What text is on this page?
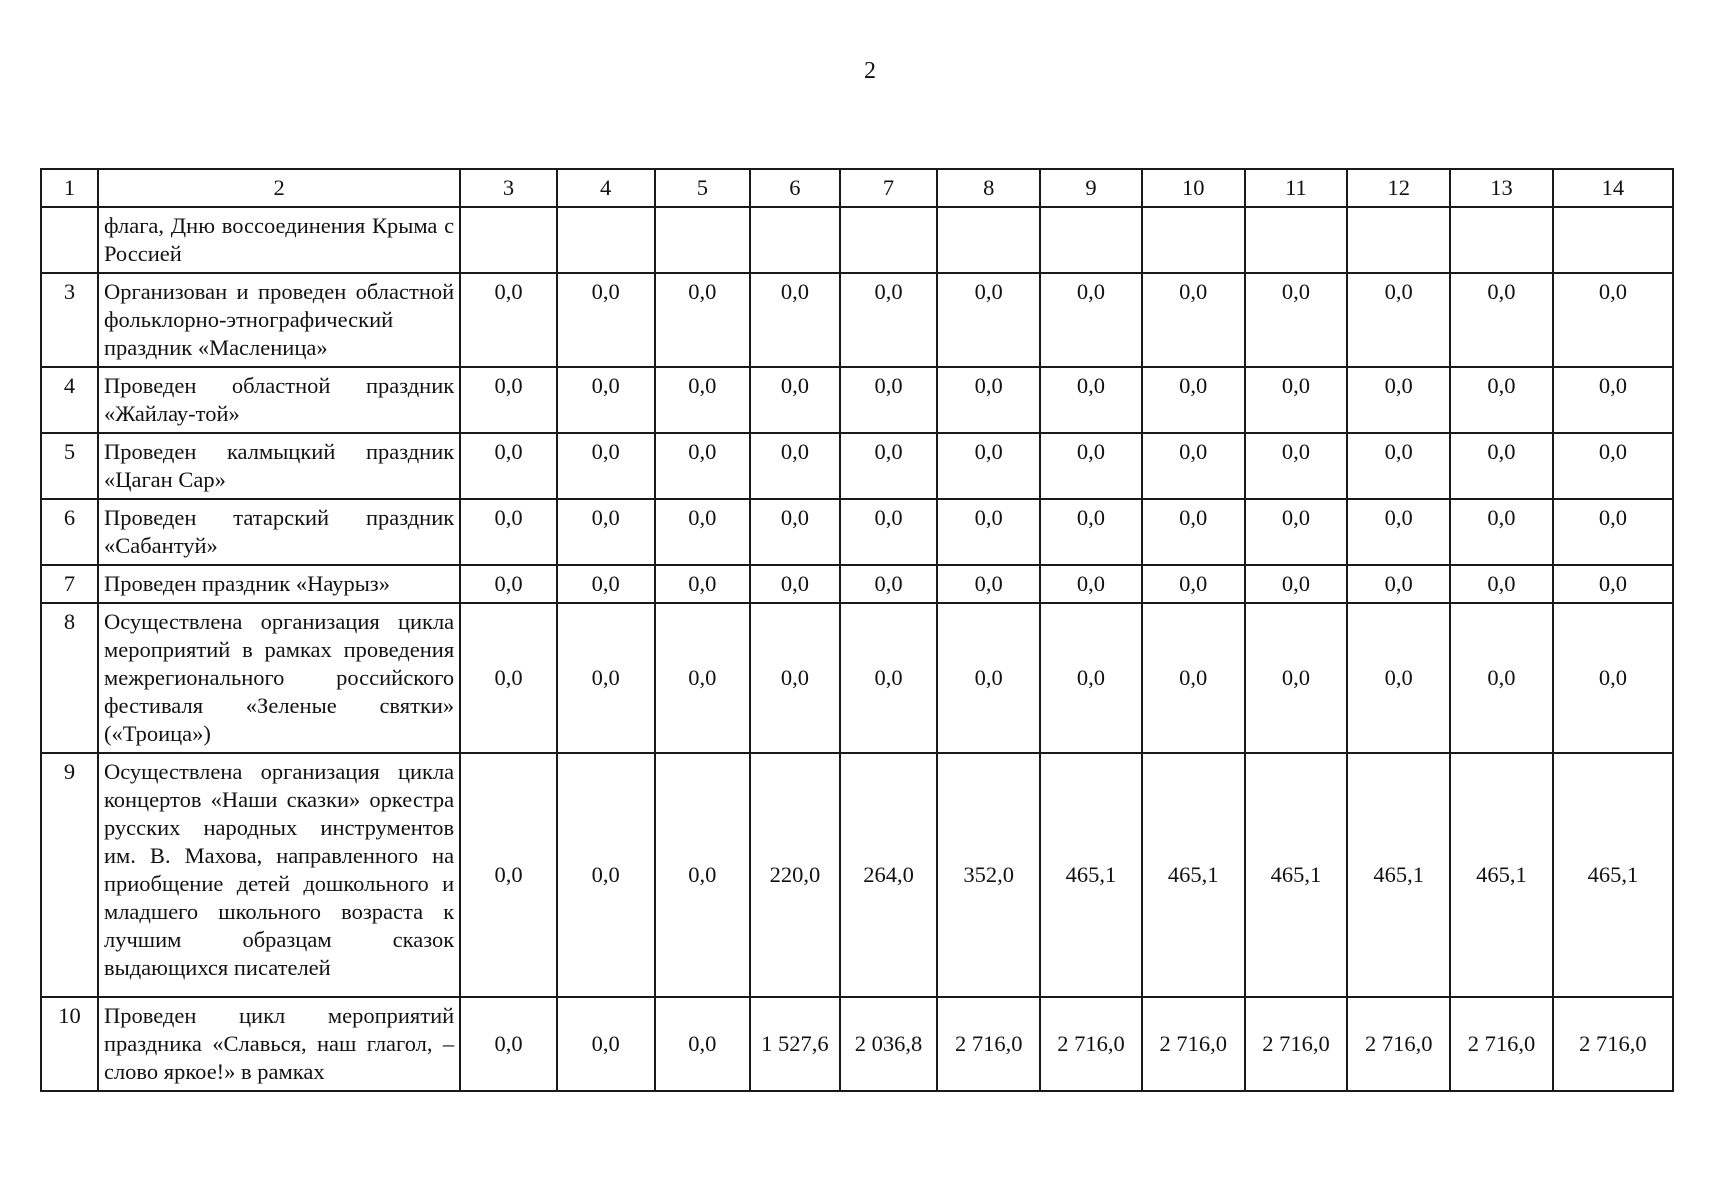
2
1	2	3	4	5	6	7	8	9	10	11	12	13	14
	флага, Дню воссоединения Крыма с Россией												
3	Организован и проведен областной фольклорно-этнографический праздник «Масленица»	0,0	0,0	0,0	0,0	0,0	0,0	0,0	0,0	0,0	0,0	0,0	0,0
4	Проведен областной праздник «Жайлау-той»	0,0	0,0	0,0	0,0	0,0	0,0	0,0	0,0	0,0	0,0	0,0	0,0
5	Проведен калмыцкий праздник «Цаган Сар»	0,0	0,0	0,0	0,0	0,0	0,0	0,0	0,0	0,0	0,0	0,0	0,0
6	Проведен татарский праздник «Сабантуй»	0,0	0,0	0,0	0,0	0,0	0,0	0,0	0,0	0,0	0,0	0,0	0,0
7	Проведен праздник «Наурыз»	0,0	0,0	0,0	0,0	0,0	0,0	0,0	0,0	0,0	0,0	0,0	0,0
8	Осуществлена организация цикла мероприятий в рамках проведения межрегионального российского фестиваля «Зеленые святки» («Троица»)	0,0	0,0	0,0	0,0	0,0	0,0	0,0	0,0	0,0	0,0	0,0	0,0
9	Осуществлена организация цикла концертов «Наши сказки» оркестра русских народных инструментов им. В. Махова, направленного на приобщение детей дошкольного и младшего школьного возраста к лучшим образцам сказок выдающихся писателей	0,0	0,0	0,0	220,0	264,0	352,0	465,1	465,1	465,1	465,1	465,1	465,1
10	Проведен цикл мероприятий праздника «Славься, наш глагол, – слово яркое!» в рамках	0,0	0,0	0,0	1 527,6	2 036,8	2 716,0	2 716,0	2 716,0	2 716,0	2 716,0	2 716,0	2 716,0
